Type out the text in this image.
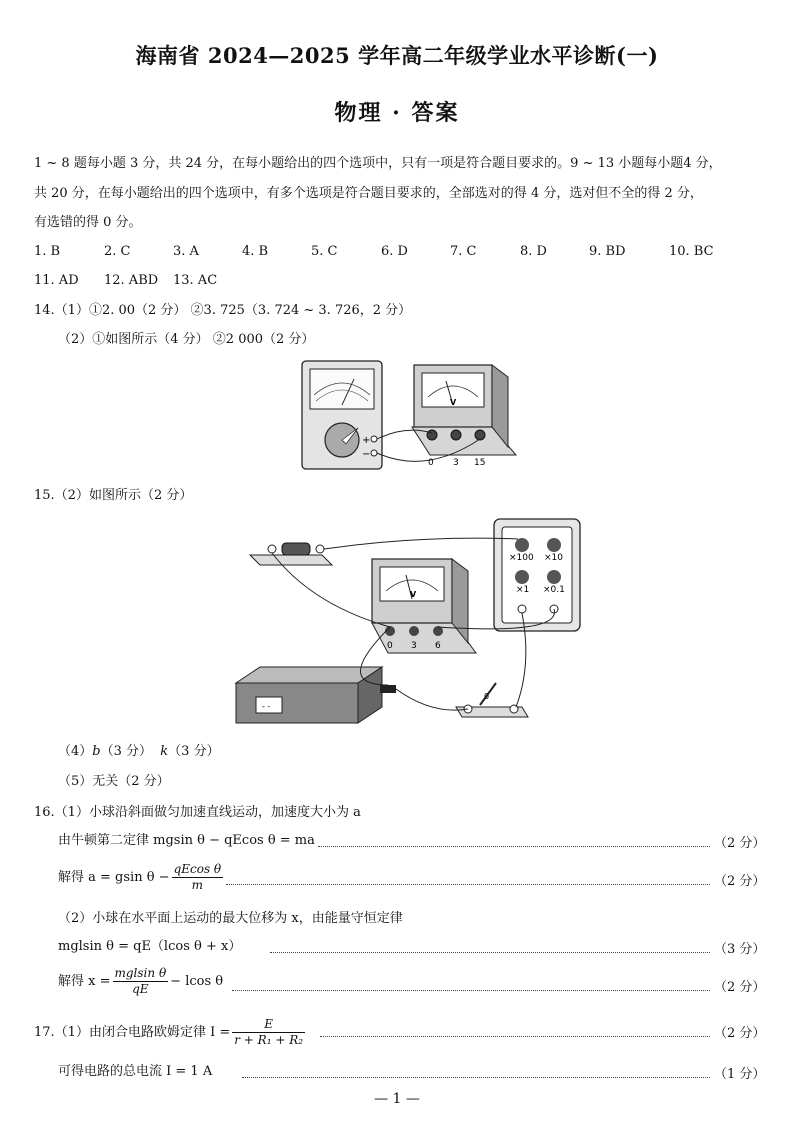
海南省 2024—2025 学年高二年级学业水平诊断(一)
物理 · 答案
1 ~ 8 题每小题 3 分，共 24 分，在每小题给出的四个选项中，只有一项是符合题目要求的。9 ~ 13 小题每小题4 分，
共 20 分，在每小题给出的四个选项中，有多个选项是符合题目要求的，全部选对的得 4 分，选对但不全的得 2 分，
有选错的得 0 分。
1. B	2. C	3. A	4. B	5. C	6. D	7. C	8. D	9. BD	10. BC
11. AD 12. ABD 13. AC
14.（1）①2. 00（2 分） ②3. 725（3. 724 ~ 3. 726，2 分）
（2）①如图所示（4 分） ②2 000（2 分）
+
−
V
0 3 15
15.（2）如图所示（2 分）
×100 ×10
×1 ×0.1
V
0 3 6
- -
0
（4）b（3 分） k（3 分）
（5）无关（2 分）
16.（1）小球沿斜面做匀加速直线运动，加速度大小为 a
由牛顿第二定律 mgsin θ − qEcos θ = ma	（2 分）
解得 a = gsin $\theta - \frac{\text{qEcos θ}}{m}$	（2 分）
（2）小球在水平面上运动的最大位移为 x，由能量守恒定律
mglsin θ = qE（lcos θ + x）	（3 分）
解得 $x = \frac{\text{mglsin θ}}{qE} - lcos$ θ	（2 分）
17.（1）由闭合电路欧姆定律 $I = \frac{E}{\text{r + R₁ + R₂}}$	（2 分）
可得电路的总电流 I = 1 A	（1 分）
— 1 —
